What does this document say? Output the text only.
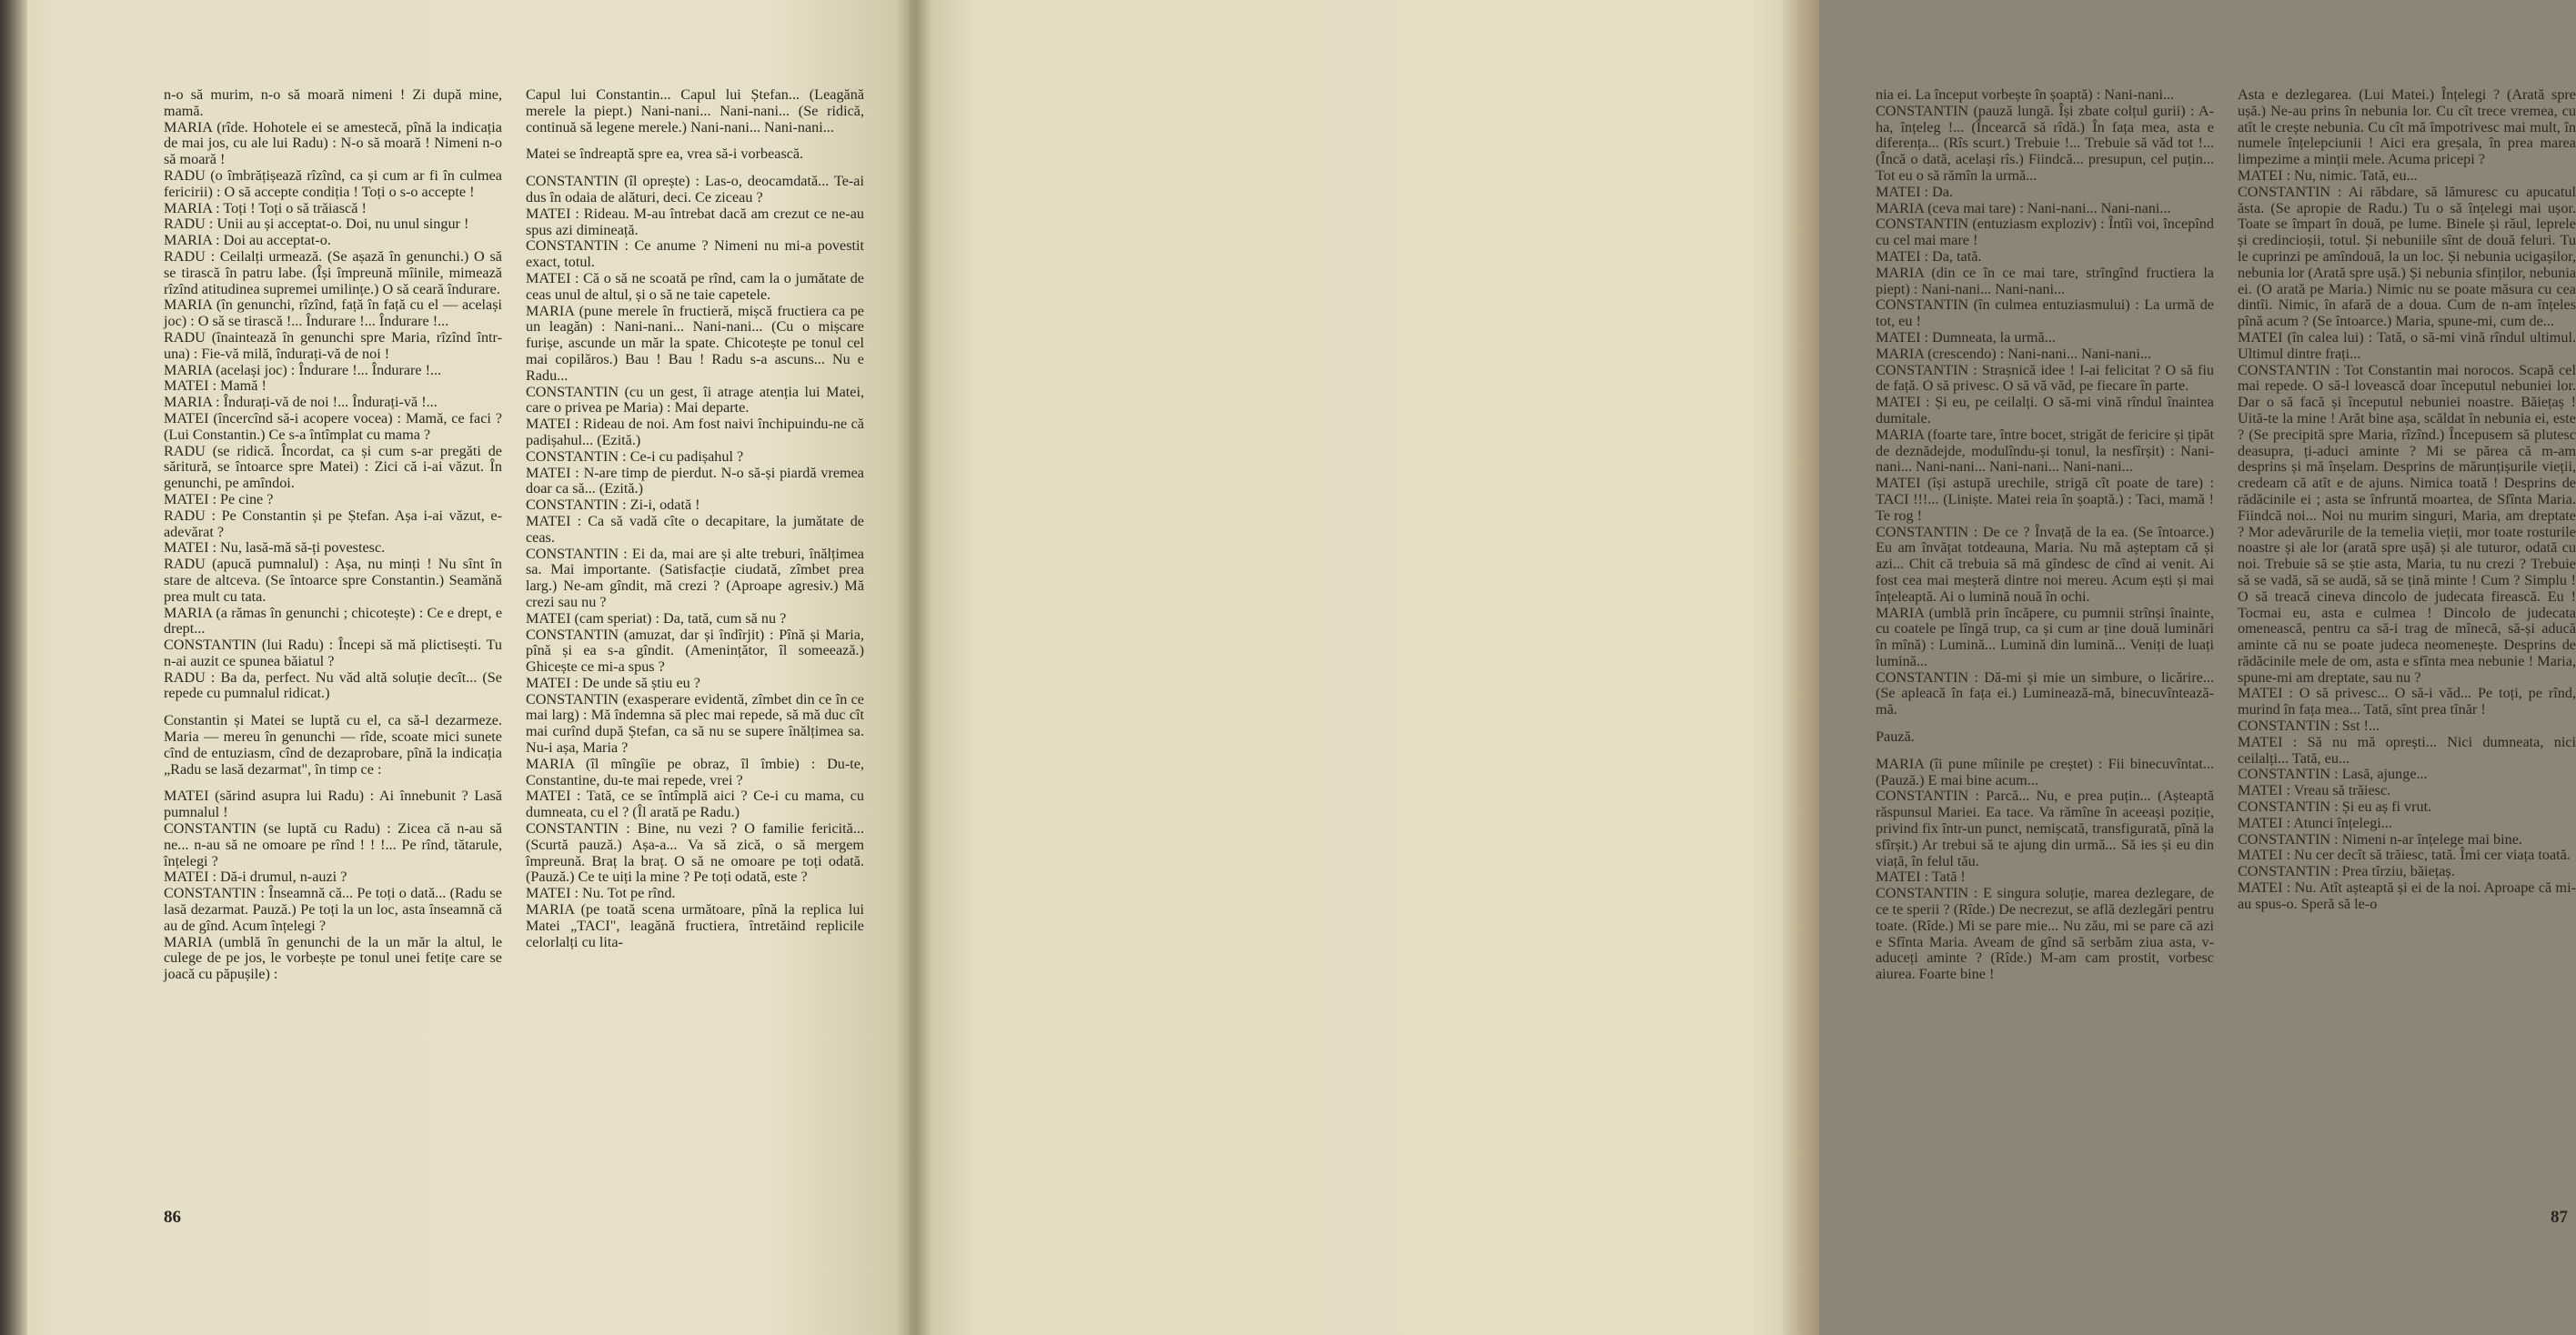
n-o să murim, n-o să moară nimeni ! Zi după mine, mamă.

MARIA (rîde. Hohotele ei se amestecă, pînă la indicația de mai jos, cu ale lui Radu) : N-o să moară ! Nimeni n-o să moară !

RADU (o îmbrățișează rîzînd, ca și cum ar fi în culmea fericirii) : O să accepte condiția ! Toți o s-o accepte !

MARIA : Toți ! Toți o să trăiască !

RADU : Unii au și acceptat-o. Doi, nu unul singur !

MARIA : Doi au acceptat-o.

RADU : Ceilalți urmează. (Se așază în genunchi.) O să se tirască în patru labe. (Își împreună mîinile, mimează rîzînd atitudinea supremei umilințe.) O să ceară îndurare.

MARIA (în genunchi, rîzînd, față în față cu el — același joc) : O să se tirască !... Îndurare !... Îndurare !...

RADU (înaintează în genunchi spre Maria, rîzînd într-una) : Fie-vă milă, îndurați-vă de noi !

MARIA (același joc) : Îndurare !... Îndurare !...

MATEI : Mamă !

MARIA : Îndurați-vă de noi !... Îndurați-vă !...

MATEI (încercînd să-i acopere vocea) : Mamă, ce faci ? (Lui Constantin.) Ce s-a întîmplat cu mama ?

RADU (se ridică. Încordat, ca și cum s-ar pregăti de săritură, se întoarce spre Matei) : Zici că i-ai văzut. În genunchi, pe amîndoi.

MATEI : Pe cine ?

RADU : Pe Constantin și pe Ștefan. Așa i-ai văzut, e-adevărat ?

MATEI : Nu, lasă-mă să-ți povestesc.

RADU (apucă pumnalul) : Așa, nu minți ! Nu sînt în stare de altceva. (Se întoarce spre Constantin.) Seamănă prea mult cu tata.

MARIA (a rămas în genunchi ; chicotește) : Ce e drept, e drept...

CONSTANTIN (lui Radu) : Începi să mă plictisești. Tu n-ai auzit ce spunea băiatul ?

RADU : Ba da, perfect. Nu văd altă soluție decît... (Se repede cu pumnalul ridicat.)

Constantin și Matei se luptă cu el, ca să-l dezarmeze. Maria — mereu în genunchi — rîde, scoate mici sunete cînd de entuziasm, cînd de dezaprobare, pînă la indicația „Radu se lasă dezarmat", în timp ce :

MATEI (sărind asupra lui Radu) : Ai înnebunit ? Lasă pumnalul !

CONSTANTIN (se luptă cu Radu) : Zicea că n-au să ne... n-au să ne omoare pe rînd ! ! !... Pe rînd, tătarule, înțelegi ?

MATEI : Dă-i drumul, n-auzi ?

CONSTANTIN : Înseamnă că... Pe toți o dată... (Radu se lasă dezarmat. Pauză.) Pe toți la un loc, asta înseamnă că au de gînd. Acum înțelegi ?

MARIA (umblă în genunchi de la un măr la altul, le culege de pe jos, le vorbește pe tonul unei fetițe care se joacă cu păpușile) :

Capul lui Constantin... Capul lui Ștefan... (Leagănă merele la piept.) Nani-nani... Nani-nani... (Se ridică, continuă să legene merele.) Nani-nani... Nani-nani...

Matei se îndreaptă spre ea, vrea să-i vorbească.

CONSTANTIN (îl oprește) : Las-o, deocamdată... Te-ai dus în odaia de alături, deci. Ce ziceau ?

MATEI : Rideau. M-au întrebat dacă am crezut ce ne-au spus azi dimineață.

CONSTANTIN : Ce anume ? Nimeni nu mi-a povestit exact, totul.

MATEI : Că o să ne scoată pe rînd, cam la o jumătate de ceas unul de altul, și o să ne taie capetele.

MARIA (pune merele în fructieră, mișcă fructiera ca pe un leagăn) : Nani-nani... Nani-nani... (Cu o mișcare furișe, ascunde un măr la spate. Chicotește pe tonul cel mai copilăros.) Bau ! Bau ! Radu s-a ascuns... Nu e Radu...

CONSTANTIN (cu un gest, îi atrage atenția lui Matei, care o privea pe Maria) : Mai departe.

MATEI : Rideau de noi. Am fost naivi închipuindu-ne că padișahul... (Ezită.)

CONSTANTIN : Ce-i cu padișahul ?

MATEI : N-are timp de pierdut. N-o să-și piardă vremea doar ca să... (Ezită.)

CONSTANTIN : Zi-i, odată !

MATEI : Ca să vadă cîte o decapitare, la jumătate de ceas.

CONSTANTIN : Ei da, mai are și alte treburi, înălțimea sa. Mai importante. (Satisfacție ciudată, zîmbet prea larg.) Ne-am gîndit, mă crezi ? (Aproape agresiv.) Mă crezi sau nu ?

MATEI (cam speriat) : Da, tată, cum să nu ?

CONSTANTIN (amuzat, dar și îndîrjit) : Pînă și Maria, pînă și ea s-a gîndit. (Amenințător, îl someează.) Ghicește ce mi-a spus ?

MATEI : De unde să știu eu ?

CONSTANTIN (exasperare evidentă, zîmbet din ce în ce mai larg) : Mă îndemna să plec mai repede, să mă duc cît mai curînd după Ștefan, ca să nu se supere înălțimea sa. Nu-i așa, Maria ?

MARIA (îl mîngîie pe obraz, îl îmbie) : Du-te, Constantine, du-te mai repede, vrei ?

MATEI : Tată, ce se întîmplă aici ? Ce-i cu mama, cu dumneata, cu el ? (Îl arată pe Radu.)

CONSTANTIN : Bine, nu vezi ? O familie fericită... (Scurtă pauză.) Așa-a... Va să zică, o să mergem împreună. Braț la braț. O să ne omoare pe toți odată. (Pauză.) Ce te uiți la mine ? Pe toți odată, este ?

MATEI : Nu. Tot pe rînd.

MARIA (pe toată scena următoare, pînă la replica lui Matei „TACI", leagănă fructiera, întretăind replicile celorlalți cu lita-

86

nia ei. La început vorbește în șoaptă) : Nani-nani...

CONSTANTIN (pauză lungă. Își zbate colțul gurii) : A-ha, înțeleg !... (Încearcă să rîdă.) În fața mea, asta e diferența... (Rîs scurt.) Trebuie !... Trebuie să văd tot !... (Încă o dată, același rîs.) Fiindcă... presupun, cel puțin... Tot eu o să rămîn la urmă...

MATEI : Da.

MARIA (ceva mai tare) : Nani-nani... Nani-nani...

CONSTANTIN (entuziasm exploziv) : Întîi voi, începînd cu cel mai mare !

MATEI : Da, tată.

MARIA (din ce în ce mai tare, strîngînd fructiera la piept) : Nani-nani... Nani-nani...

CONSTANTIN (în culmea entuziasmului) : La urmă de tot, eu !

MATEI : Dumneata, la urmă...

MARIA (crescendo) : Nani-nani... Nani-nani...

CONSTANTIN : Strașnică idee ! I-ai felicitat ? O să fiu de față. O să privesc. O să vă văd, pe fiecare în parte.

MATEI : Și eu, pe ceilalți. O să-mi vină rîndul înaintea dumitale.

MARIA (foarte tare, între bocet, strigăt de fericire și țipăt de deznădejde, modulîndu-și tonul, la nesfîrșit) : Nani-nani... Nani-nani... Nani-nani... Nani-nani...

MATEI (își astupă urechile, strigă cît poate de tare) : TACI !!!... (Liniște. Matei reia în șoaptă.) : Taci, mamă ! Te rog !

CONSTANTIN : De ce ? Învață de la ea. (Se întoarce.) Eu am învățat totdeauna, Maria. Nu mă așteptam că și azi... Chit că trebuia să mă gîndesc de cînd ai venit. Ai fost cea mai meșteră dintre noi mereu. Acum ești și mai înțeleaptă. Ai o lumină nouă în ochi.

MARIA (umblă prin încăpere, cu pumnii strînși înainte, cu coatele pe lîngă trup, ca și cum ar ține două luminări în mînă) : Lumină... Lumină din lumină... Veniți de luați lumină...

CONSTANTIN : Dă-mi și mie un simbure, o licărire... (Se apleacă în fața ei.) Luminează-mă, binecuvîntează-mă.

Pauză.

MARIA (îi pune mîinile pe creștet) : Fii binecuvîntat... (Pauză.) E mai bine acum...

CONSTANTIN : Parcă... Nu, e prea puțin... (Așteaptă răspunsul Mariei. Ea tace. Va rămîne în aceeași poziție, privind fix într-un punct, nemișcată, transfigurată, pînă la sfîrșit.) Ar trebui să te ajung din urmă... Să ies și eu din viață, în felul tău.

MATEI : Tată !

CONSTANTIN : E singura soluție, marea dezlegare, de ce te sperii ? (Rîde.) De necrezut, se află dezlegări pentru toate. (Rîde.) Mi se pare mie... Nu zău, mi se pare că azi e Sfînta Maria. Aveam de gînd să serbăm ziua asta, v-aduceți aminte ? (Rîde.) M-am cam prostit, vorbesc aiurea. Foarte bine !

Asta e dezlegarea. (Lui Matei.) Înțelegi ? (Arată spre ușă.) Ne-au prins în nebunia lor. Cu cît trece vremea, cu atît le crește nebunia. Cu cît mă împotrivesc mai mult, în numele înțelepciunii ! Aici era greșala, în prea marea limpezime a minții mele. Acuma pricepi ?

MATEI : Nu, nimic. Tată, eu...

CONSTANTIN : Ai răbdare, să lămuresc cu apucatul ăsta. (Se apropie de Radu.) Tu o să înțelegi mai ușor. Toate se împart în două, pe lume. Binele și răul, leprele și credincioșii, totul. Și nebuniile sînt de două feluri. Tu le cuprinzi pe amîndouă, la un loc. Și nebunia ucigașilor, nebunia lor (Arată spre ușă.) Și nebunia sfinților, nebunia ei. (O arată pe Maria.) Nimic nu se poate măsura cu cea dintîi. Nimic, în afară de a doua. Cum de n-am înțeles pînă acum ? (Se întoarce.) Maria, spune-mi, cum de...

MATEI (în calea lui) : Tată, o să-mi vină rîndul ultimul. Ultimul dintre frați...

CONSTANTIN : Tot Constantin mai norocos. Scapă cel mai repede. O să-l lovească doar începutul nebuniei lor. Dar o să facă și începutul nebuniei noastre. Băiețaș ! Uită-te la mine ! Arăt bine așa, scăldat în nebunia ei, este ? (Se precipită spre Maria, rîzînd.) Începusem să plutesc deasupra, ți-aduci aminte ? Mi se părea că m-am desprins și mă înșelam. Desprins de mărunțișurile vieții, credeam că atît e de ajuns. Nimica toată ! Desprins de rădăcinile ei ; asta se înfruntă moartea, de Sfînta Maria. Fiindcă noi... Noi nu murim singuri, Maria, am dreptate ? Mor adevărurile de la temelia vieții, mor toate rosturile noastre și ale lor (arată spre ușă) și ale tuturor, odată cu noi. Trebuie să se știe asta, Maria, tu nu crezi ? Trebuie să se vadă, să se audă, să se țină minte ! Cum ? Simplu ! O să treacă cineva dincolo de judecata firească. Eu ! Tocmai eu, asta e culmea ! Dincolo de judecata omenească, pentru ca să-i trag de mînecă, să-și aducă aminte că nu se poate judeca neomenește. Desprins de rădăcinile mele de om, asta e sfînta mea nebunie ! Maria, spune-mi am dreptate, sau nu ?

MATEI : O să privesc... O să-i văd... Pe toți, pe rînd, murind în fața mea... Tată, sînt prea tînăr !

CONSTANTIN : Sst !...

MATEI : Să nu mă oprești... Nici dumneata, nici ceilalți... Tată, eu...

CONSTANTIN : Lasă, ajunge...

MATEI : Vreau să trăiesc.

CONSTANTIN : Și eu aș fi vrut.

MATEI : Atunci înțelegi...

CONSTANTIN : Nimeni n-ar înțelege mai bine.

MATEI : Nu cer decît să trăiesc, tată. Îmi cer viața toată.

CONSTANTIN : Prea tîrziu, băiețaș.

MATEI : Nu. Atît așteaptă și ei de la noi. Aproape că mi-au spus-o. Speră să le-o

87
